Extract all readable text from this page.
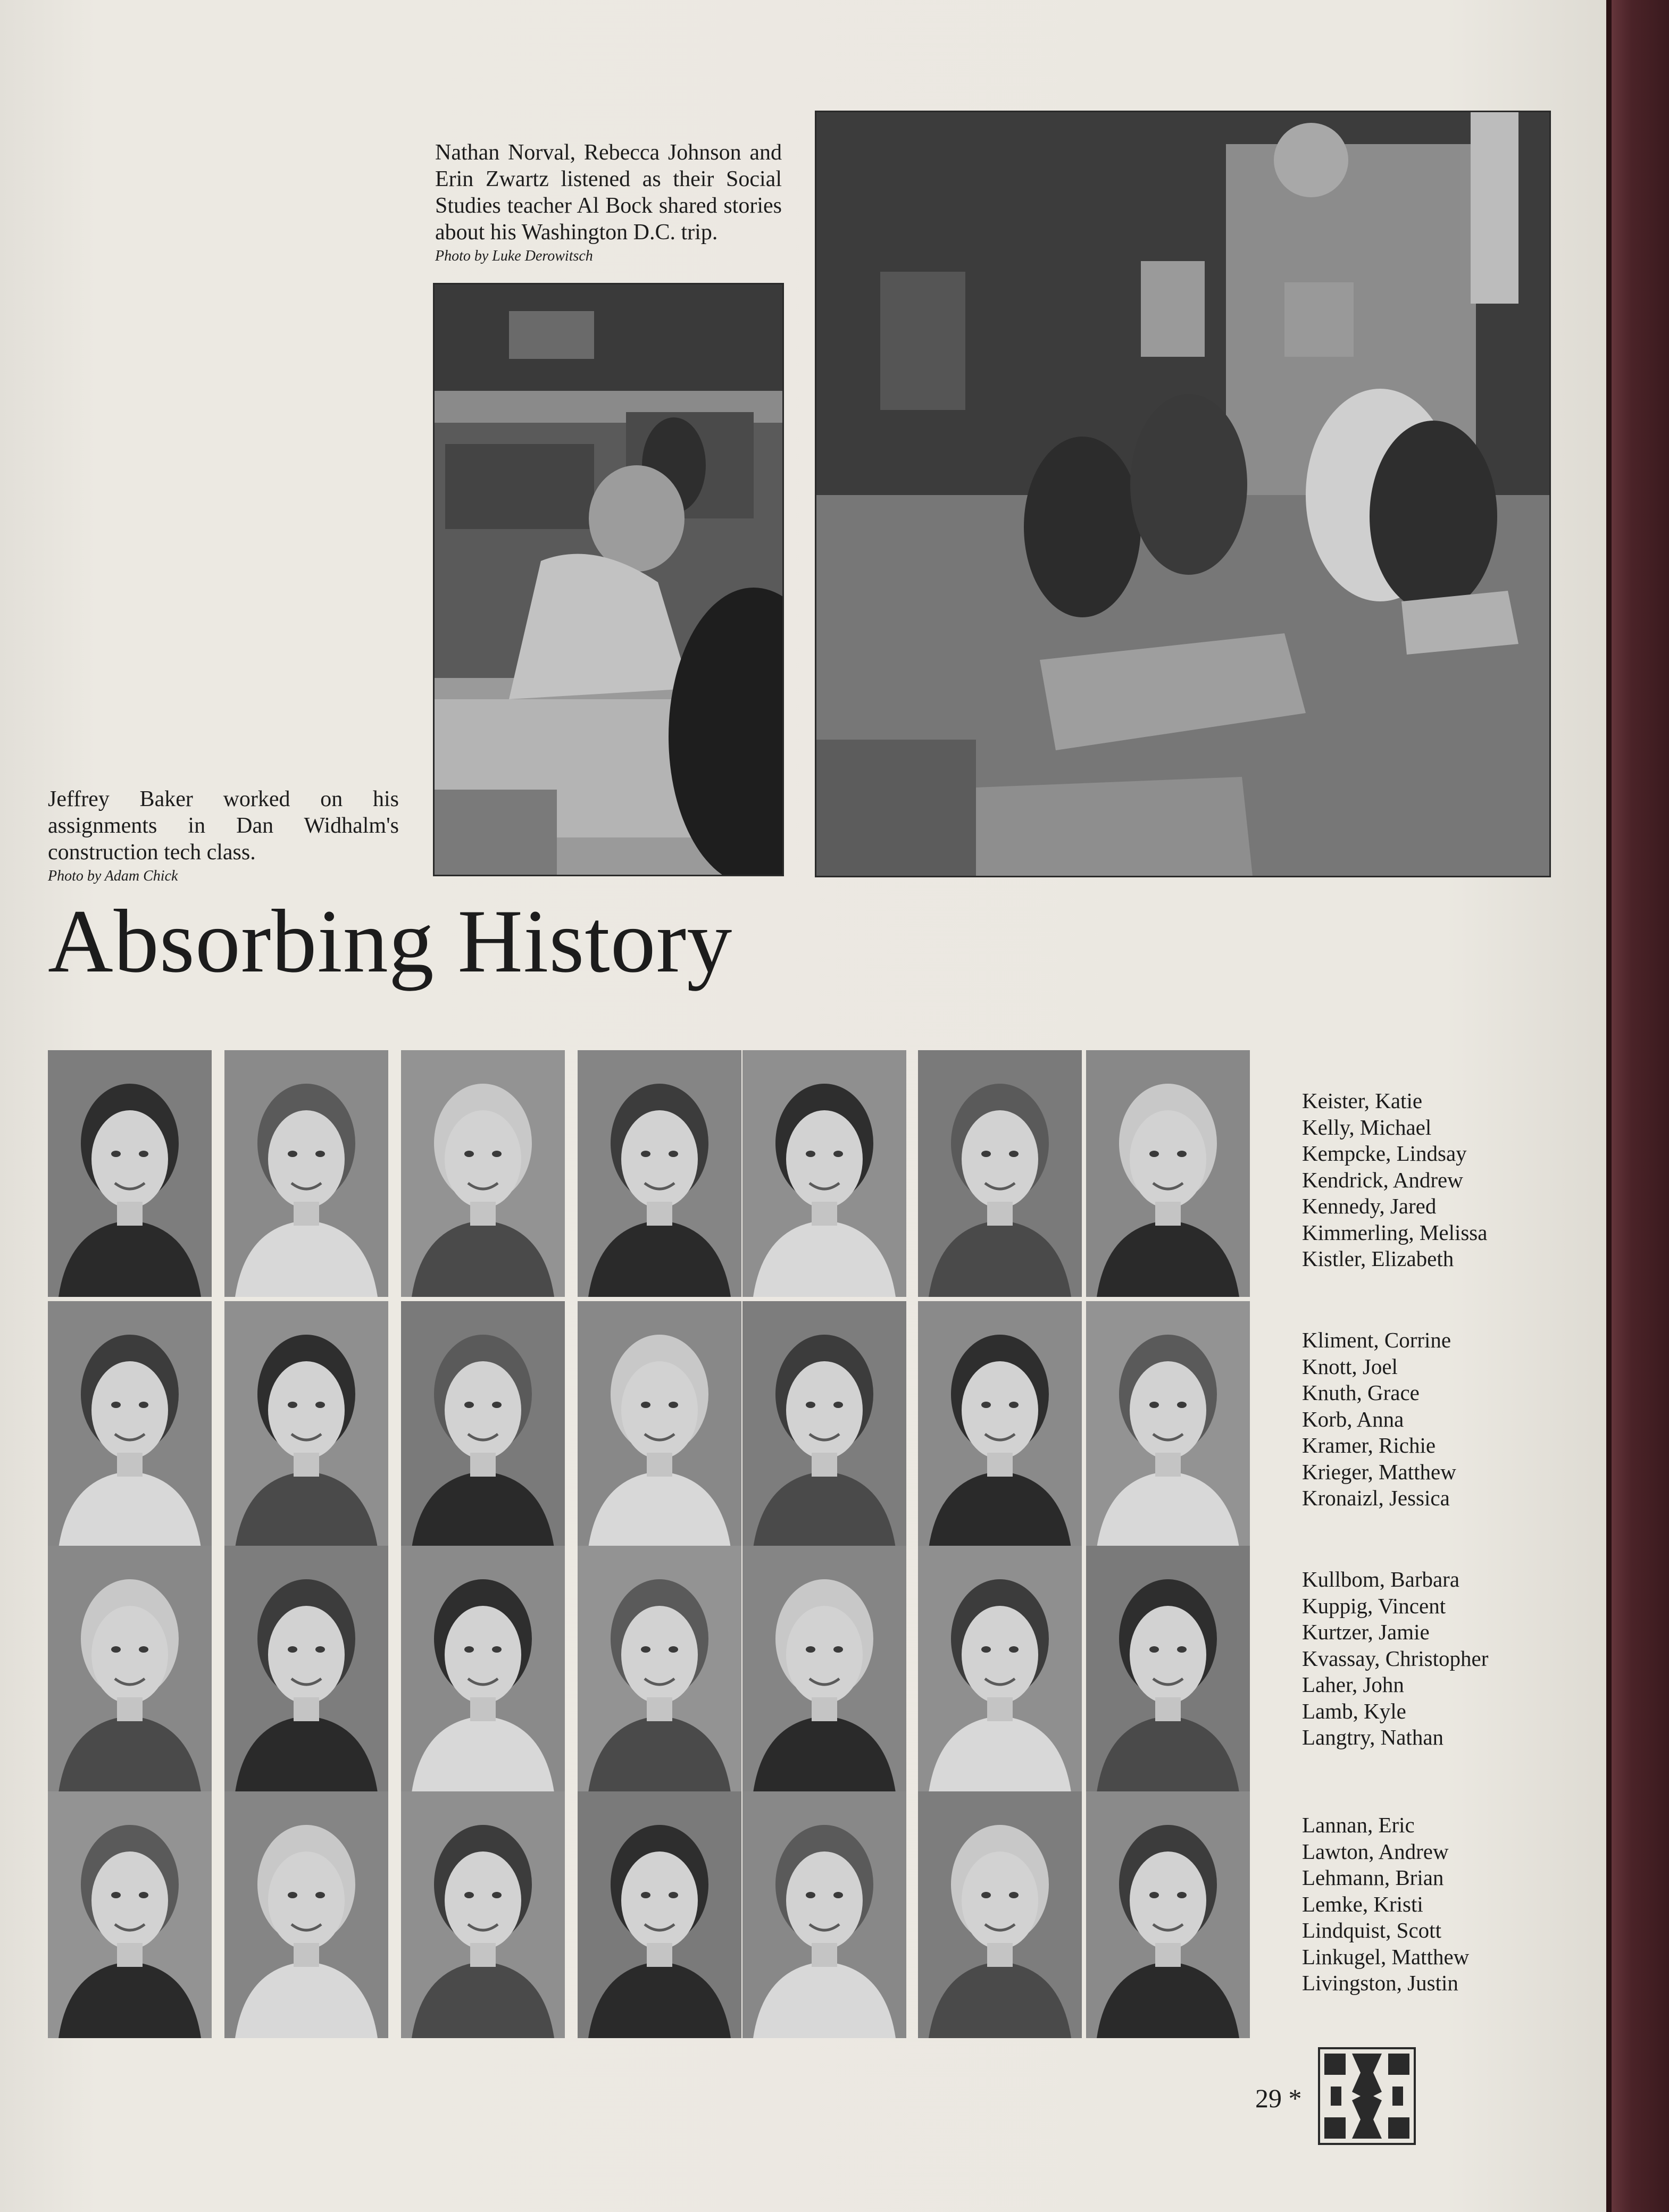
Nathan Norval, Rebecca Johnson and Erin Zwartz listened as their Social Studies teacher Al Bock shared stories about his Washington D.C. trip.
Photo by Luke Derowitsch
Jeffrey Baker worked on his assignments in Dan Widhalm's construction tech class.
Photo by Adam Chick
Absorbing History
Keister, Katie
Kelly, Michael
Kempcke, Lindsay
Kendrick, Andrew
Kennedy, Jared
Kimmerling, Melissa
Kistler, Elizabeth
Kliment, Corrine
Knott, Joel
Knuth, Grace
Korb, Anna
Kramer, Richie
Krieger, Matthew
Kronaizl, Jessica
Kullbom, Barbara
Kuppig, Vincent
Kurtzer, Jamie
Kvassay, Christopher
Laher, John
Lamb, Kyle
Langtry, Nathan
Lannan, Eric
Lawton, Andrew
Lehmann, Brian
Lemke, Kristi
Lindquist, Scott
Linkugel, Matthew
Livingston, Justin
29 *
